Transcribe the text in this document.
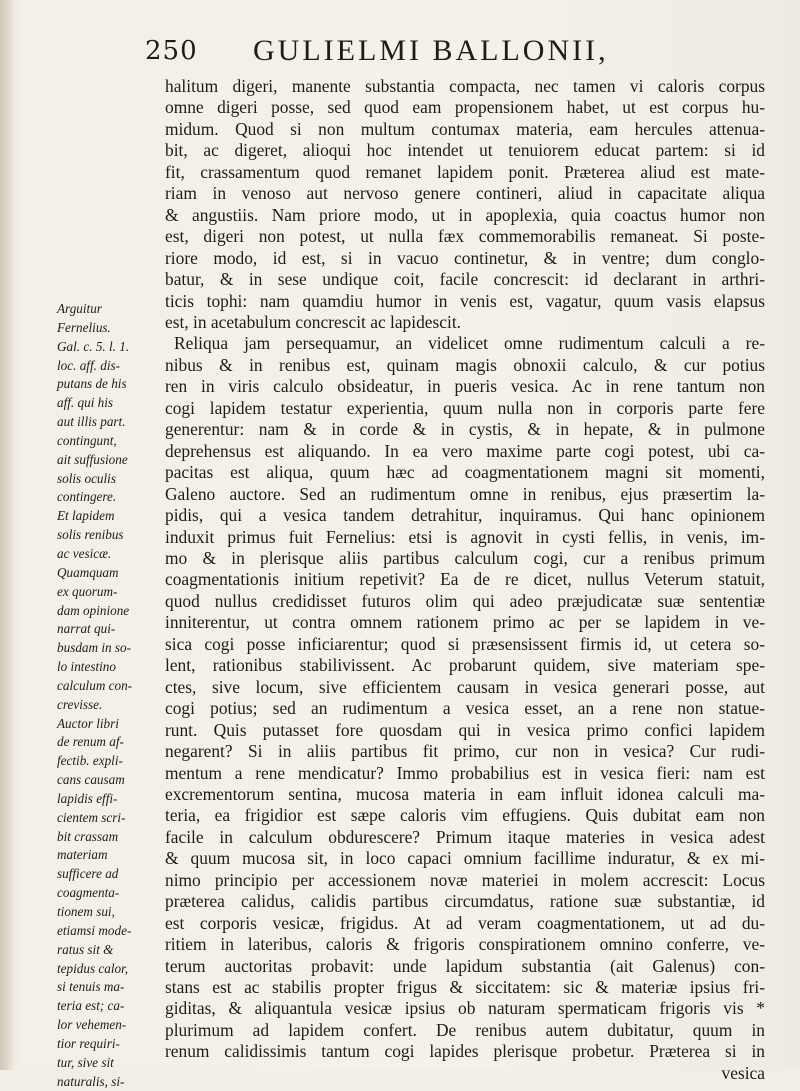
250 GULIELMI BALLONII,
Arguitur
Fernelius.
Gal. c. 5. l. 1.
loc. aff. dis-
putans de his
aff. qui his
aut illis part.
contingunt,
ait suffusione
solis oculis
contingere.
Et lapidem
solis renibus
ac vesicæ.
Quamquam
ex quorum-
dam opinione
narrat qui-
busdam in so-
lo intestino
calculum con-
crevisse.
Auctor libri
de renum af-
fectib. expli-
cans causam
lapidis effi-
cientem scri-
bit crassam
materiam
sufficere ad
coagmenta-
tionem sui,
etiamsi mode-
ratus sit &
tepidus calor,
si tenuis ma-
teria est; ca-
lor vehemen-
tior requiri-
tur, sive sit
naturalis, si-
halitum digeri, manente substantia compacta, nec tamen vi caloris corpus
omne digeri posse, sed quod eam propensionem habet, ut est corpus hu-
midum. Quod si non multum contumax materia, eam hercules attenua-
bit, ac digeret, alioqui hoc intendet ut tenuiorem educat partem: si id
fit, crassamentum quod remanet lapidem ponit. Præterea aliud est mate-
riam in venoso aut nervoso genere contineri, aliud in capacitate aliqua
& angustiis. Nam priore modo, ut in apoplexia, quia coactus humor non
est, digeri non potest, ut nulla fæx commemorabilis remaneat. Si poste-
riore modo, id est, si in vacuo continetur, & in ventre; dum conglo-
batur, & in sese undique coit, facile concrescit: id declarant in arthri-
ticis tophi: nam quamdiu humor in venis est, vagatur, quum vasis elapsus
est, in acetabulum concrescit ac lapidescit.
Reliqua jam persequamur, an videlicet omne rudimentum calculi a re-
nibus & in renibus est, quinam magis obnoxii calculo, & cur potius
ren in viris calculo obsideatur, in pueris vesica. Ac in rene tantum non
cogi lapidem testatur experientia, quum nulla non in corporis parte fere
generentur: nam & in corde & in cystis, & in hepate, & in pulmone
deprehensus est aliquando. In ea vero maxime parte cogi potest, ubi ca-
pacitas est aliqua, quum hæc ad coagmentationem magni sit momenti,
Galeno auctore. Sed an rudimentum omne in renibus, ejus præsertim la-
pidis, qui a vesica tandem detrahitur, inquiramus. Qui hanc opinionem
induxit primus fuit Fernelius: etsi is agnovit in cysti fellis, in venis, im-
mo & in plerisque aliis partibus calculum cogi, cur a renibus primum
coagmentationis initium repetivit? Ea de re dicet, nullus Veterum statuit,
quod nullus credidisset futuros olim qui adeo præjudicatæ suæ sententiæ
inniterentur, ut contra omnem rationem primo ac per se lapidem in ve-
sica cogi posse inficiarentur; quod si præsensissent firmis id, ut cetera so-
lent, rationibus stabilivissent. Ac probarunt quidem, sive materiam spe-
ctes, sive locum, sive efficientem causam in vesica generari posse, aut
cogi potius; sed an rudimentum a vesica esset, an a rene non statue-
runt. Quis putasset fore quosdam qui in vesica primo confici lapidem
negarent? Si in aliis partibus fit primo, cur non in vesica? Cur rudi-
mentum a rene mendicatur? Immo probabilius est in vesica fieri: nam est
excrementorum sentina, mucosa materia in eam influit idonea calculi ma-
teria, ea frigidior est sæpe caloris vim effugiens. Quis dubitat eam non
facile in calculum obdurescere? Primum itaque materies in vesica adest
& quum mucosa sit, in loco capaci omnium facillime induratur, & ex mi-
nimo principio per accessionem novæ materiei in molem accrescit: Locus
præterea calidus, calidis partibus circumdatus, ratione suæ substantiæ, id
est corporis vesicæ, frigidus. At ad veram coagmentationem, ut ad du-
ritiem in lateribus, caloris & frigoris conspirationem omnino conferre, ve-
terum auctoritas probavit: unde lapidum substantia (ait Galenus) con-
stans est ac stabilis propter frigus & siccitatem: sic & materiæ ipsius fri-
giditas, & aliquantula vesicæ ipsius ob naturam spermaticam frigoris vis *
plurimum ad lapidem confert. De renibus autem dubitatur, quum in
renum calidissimis tantum cogi lapides plerisque probetur. Præterea si in
vesica
